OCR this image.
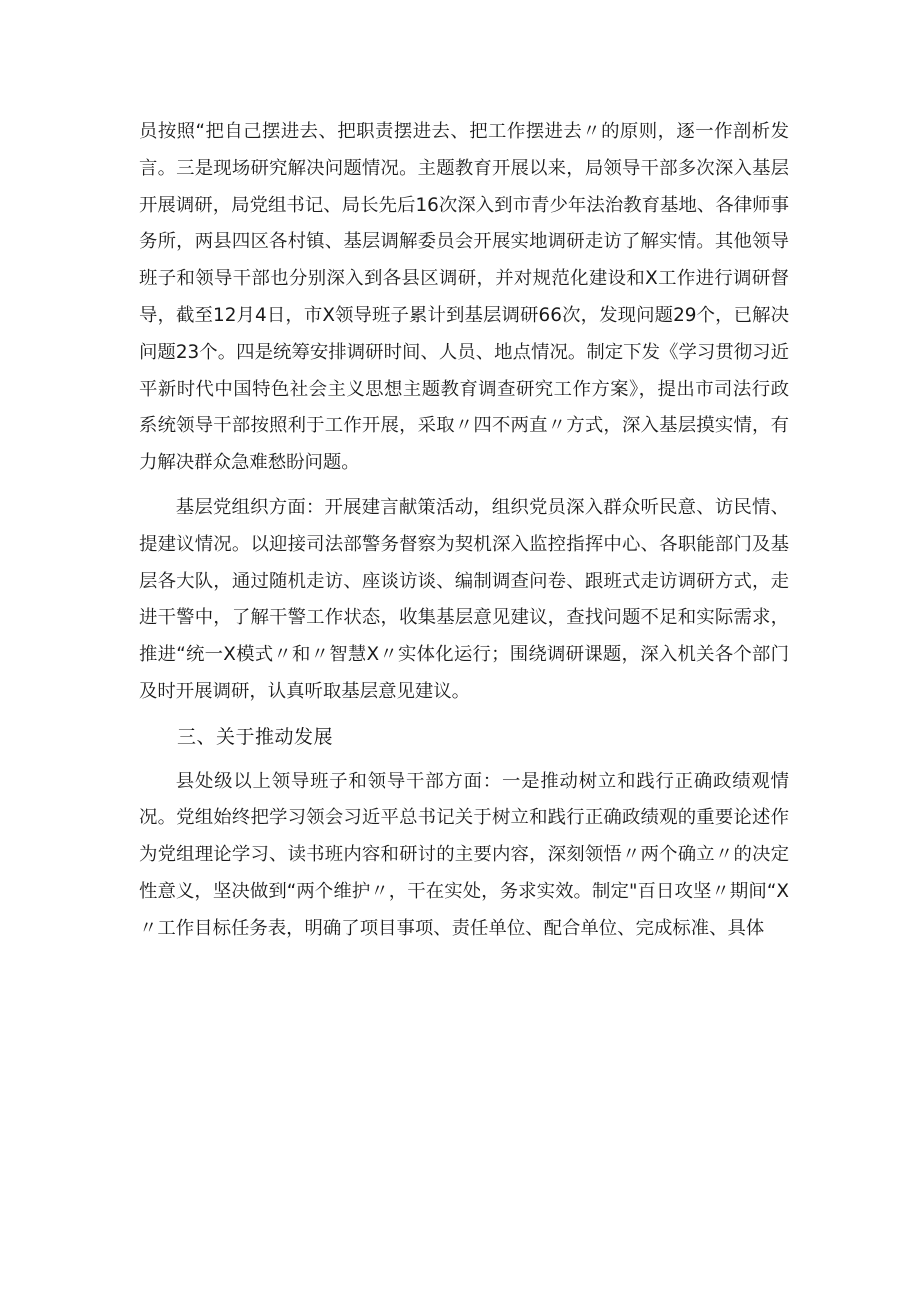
员按照“把自己摆进去、把职责摆进去、把工作摆进去〃的原则，逐一作剖析发言。三是现场研究解决问题情况。主题教育开展以来，局领导干部多次深入基层开展调研，局党组书记、局长先后16次深入到市青少年法治教育基地、各律师事务所，两县四区各村镇、基层调解委员会开展实地调研走访了解实情。其他领导班子和领导干部也分别深入到各县区调研，并对规范化建设和X工作进行调研督导，截至12月4日，市X领导班子累计到基层调研66次，发现问题29个，已解决问题23个。四是统筹安排调研时间、人员、地点情况。制定下发《学习贯彻习近平新时代中国特色社会主义思想主题教育调查研究工作方案》，提出市司法行政系统领导干部按照利于工作开展，采取〃四不两直〃方式，深入基层摸实情，有力解决群众急难愁盼问题。

基层党组织方面：开展建言献策活动，组织党员深入群众听民意、访民情、提建议情况。以迎接司法部警务督察为契机深入监控指挥中心、各职能部门及基层各大队，通过随机走访、座谈访谈、编制调查问卷、跟班式走访调研方式，走进干警中，了解干警工作状态，收集基层意见建议，查找问题不足和实际需求，推进“统一X模式〃和〃智慧X〃实体化运行；围绕调研课题，深入机关各个部门及时开展调研，认真听取基层意见建议。

三、关于推动发展

县处级以上领导班子和领导干部方面：一是推动树立和践行正确政绩观情况。党组始终把学习领会习近平总书记关于树立和践行正确政绩观的重要论述作为党组理论学习、读书班内容和研讨的主要内容，深刻领悟〃两个确立〃的决定性意义，坚决做到“两个维护〃，干在实处，务求实效。制定"百日攻坚〃期间“X〃工作目标任务表，明确了项目事项、责任单位、配合单位、完成标准、具体
